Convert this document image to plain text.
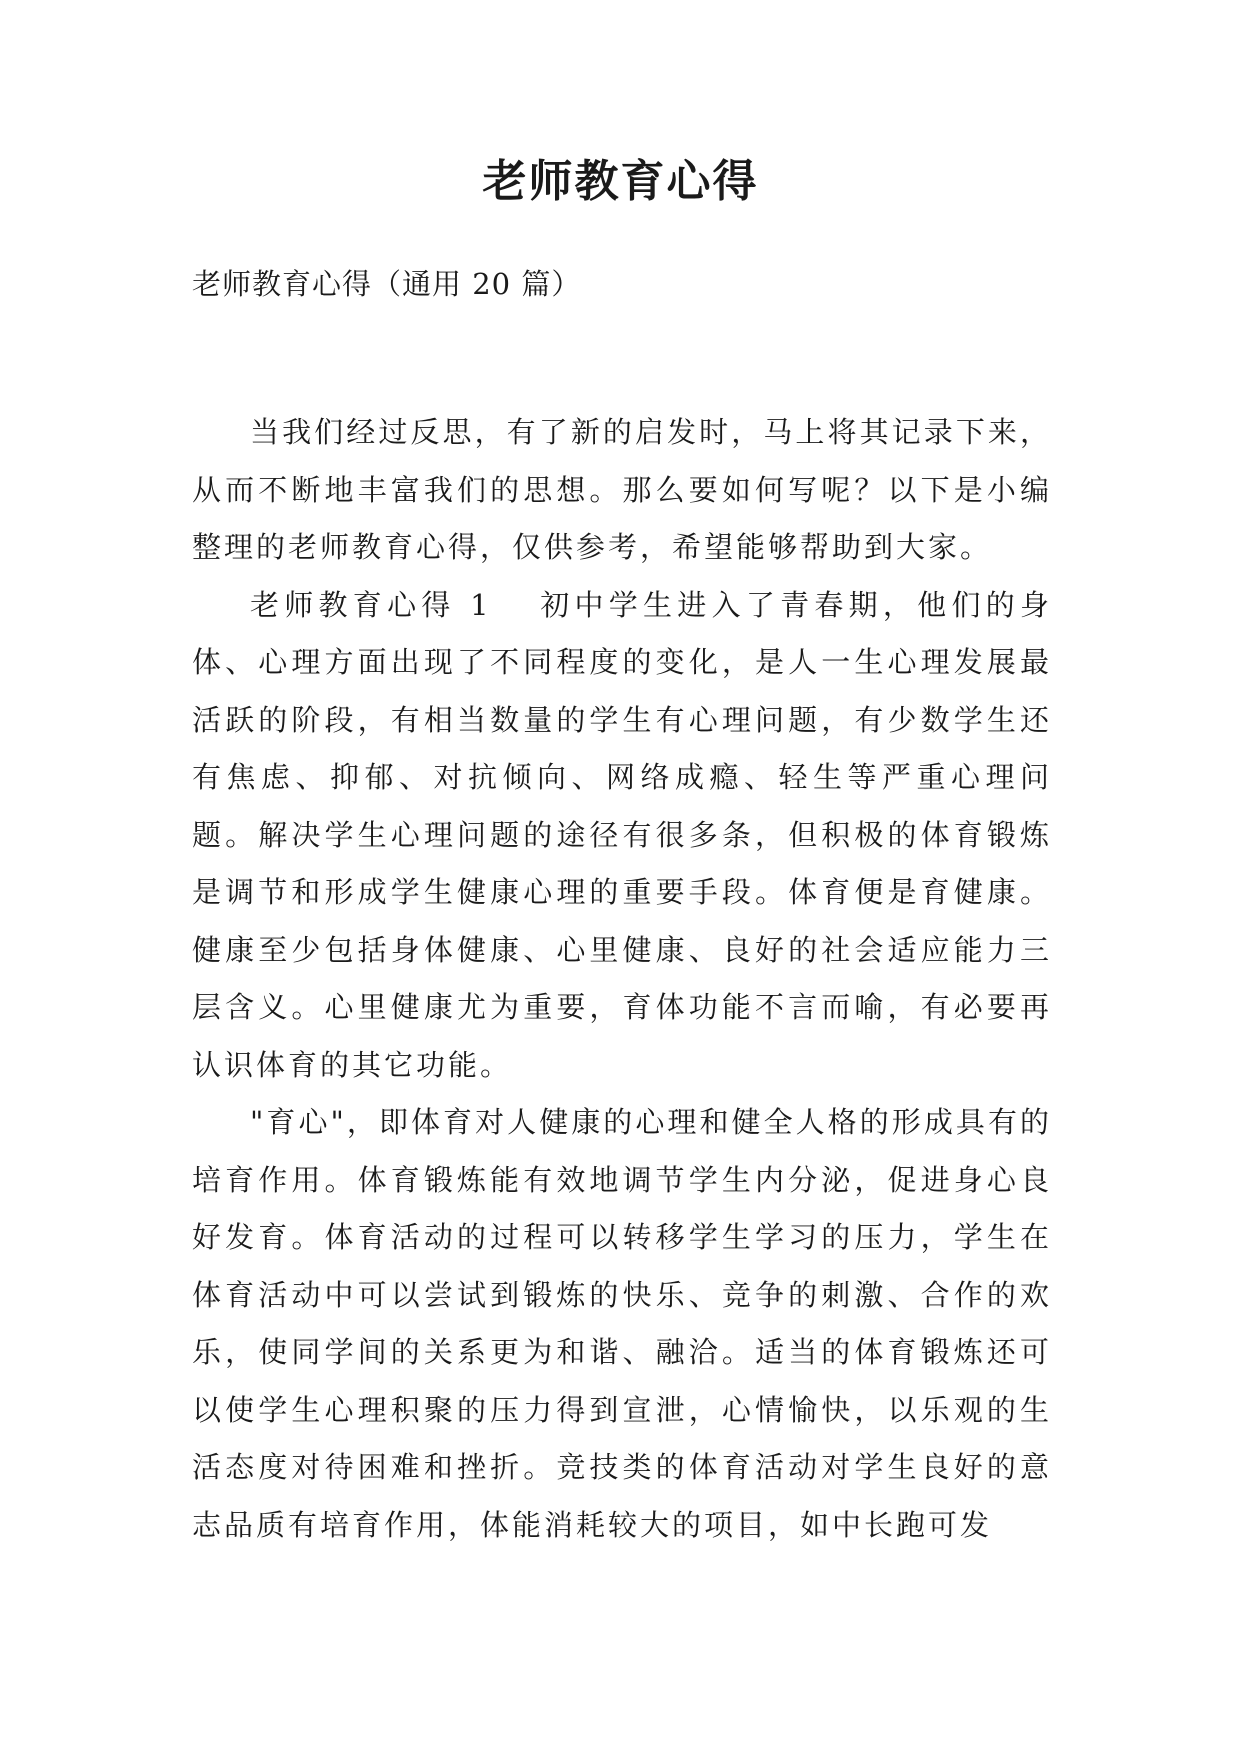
老师教育心得

老师教育心得（通用 20 篇）

当我们经过反思，有了新的启发时，马上将其记录下来，从而不断地丰富我们的思想。那么要如何写呢？以下是小编整理的老师教育心得，仅供参考，希望能够帮助到大家。

老师教育心得 1 初中学生进入了青春期，他们的身体、心理方面出现了不同程度的变化，是人一生心理发展最活跃的阶段，有相当数量的学生有心理问题，有少数学生还有焦虑、抑郁、对抗倾向、网络成瘾、轻生等严重心理问题。解决学生心理问题的途径有很多条，但积极的体育锻炼是调节和形成学生健康心理的重要手段。体育便是育健康。健康至少包括身体健康、心里健康、良好的社会适应能力三层含义。心里健康尤为重要，育体功能不言而喻，有必要再认识体育的其它功能。

"育心"，即体育对人健康的心理和健全人格的形成具有的培育作用。体育锻炼能有效地调节学生内分泌，促进身心良好发育。体育活动的过程可以转移学生学习的压力，学生在体育活动中可以尝试到锻炼的快乐、竞争的刺激、合作的欢乐，使同学间的关系更为和谐、融洽。适当的体育锻炼还可以使学生心理积聚的压力得到宣泄，心情愉快，以乐观的生活态度对待困难和挫折。竞技类的体育活动对学生良好的意志品质有培育作用，体能消耗较大的项目，如中长跑可发
